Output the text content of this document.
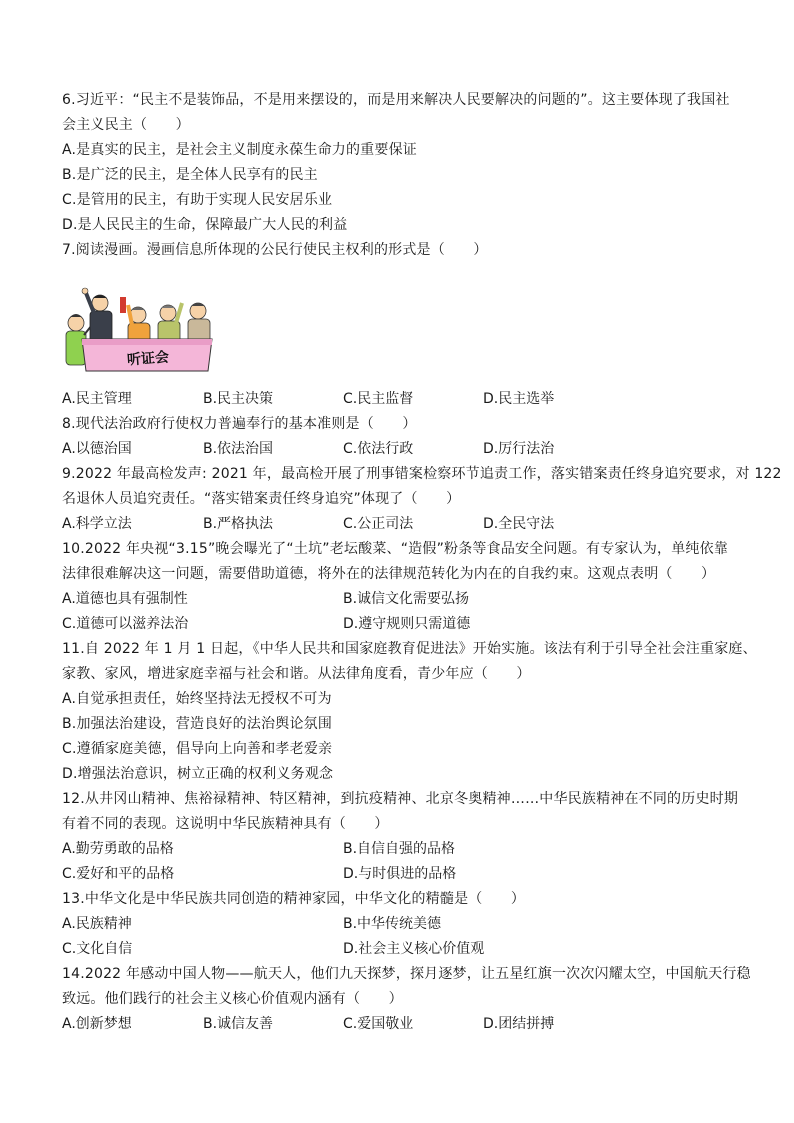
6.习近平：“民主不是装饰品，不是用来摆设的，而是用来解决人民要解决的问题的”。这主要体现了我国社
会主义民主（　　）
A.是真实的民主，是社会主义制度永葆生命力的重要保证
B.是广泛的民主，是全体人民享有的民主
C.是管用的民主，有助于实现人民安居乐业
D.是人民民主的生命，保障最广大人民的利益
7.阅读漫画。漫画信息所体现的公民行使民主权利的形式是（　　）
听证会
A.民主管理	B.民主决策	C.民主监督	D.民主选举
8.现代法治政府行使权力普遍奉行的基本准则是（　　）
A.以德治国	B.依法治国	C.依法行政	D.厉行法治
9.2022 年最高检发声: 2021 年，最高检开展了刑事错案检察环节追责工作，落实错案责任终身追究要求，对 122
名退休人员追究责任。“落实错案责任终身追究”体现了（　　）
A.科学立法	B.严格执法	C.公正司法	D.全民守法
10.2022 年央视“3.15”晚会曝光了“土坑”老坛酸菜、“造假”粉条等食品安全问题。有专家认为，单纯依靠
法律很难解决这一问题，需要借助道德，将外在的法律规范转化为内在的自我约束。这观点表明（　　）
A.道德也具有强制性	B.诚信文化需要弘扬
C.道德可以滋养法治	D.遵守规则只需道德
11.自 2022 年 1 月 1 日起，《中华人民共和国家庭教育促进法》开始实施。该法有利于引导全社会注重家庭、
家教、家风，增进家庭幸福与社会和谐。从法律角度看，青少年应（　　）
A.自觉承担责任，始终坚持法无授权不可为
B.加强法治建设，营造良好的法治舆论氛围
C.遵循家庭美德，倡导向上向善和孝老爱亲
D.增强法治意识，树立正确的权利义务观念
12.从井冈山精神、焦裕禄精神、特区精神，到抗疫精神、北京冬奥精神……中华民族精神在不同的历史时期
有着不同的表现。这说明中华民族精神具有（　　）
A.勤劳勇敢的品格	B.自信自强的品格
C.爱好和平的品格	D.与时俱进的品格
13.中华文化是中华民族共同创造的精神家园，中华文化的精髓是（　　）
A.民族精神	B.中华传统美德
C.文化自信	D.社会主义核心价值观
14.2022 年感动中国人物——航天人，他们九天探梦，探月逐梦，让五星红旗一次次闪耀太空，中国航天行稳
致远。他们践行的社会主义核心价值观内涵有（　　）
A.创新梦想	B.诚信友善	C.爱国敬业	D.团结拼搏
